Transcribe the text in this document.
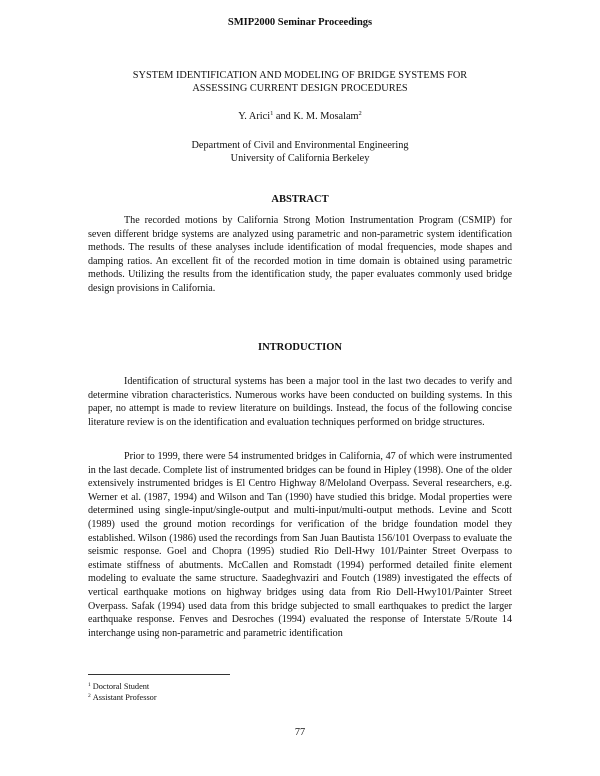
SMIP2000 Seminar Proceedings
SYSTEM IDENTIFICATION AND MODELING OF BRIDGE SYSTEMS FOR
ASSESSING CURRENT DESIGN PROCEDURES
Y. Arici$^1$ and K. M. Mosalam$^2$
Department of Civil and Environmental Engineering
University of California Berkeley
ABSTRACT

The recorded motions by California Strong Motion Instrumentation Program (CSMIP) for seven different bridge systems are analyzed using parametric and non-parametric system identification methods. The results of these analyses include identification of modal frequencies, mode shapes and damping ratios. An excellent fit of the recorded motion in time domain is obtained using parametric methods. Utilizing the results from the identification study, the paper evaluates commonly used bridge design provisions in California.

INTRODUCTION

Identification of structural systems has been a major tool in the last two decades to verify and determine vibration characteristics. Numerous works have been conducted on building systems. In this paper, no attempt is made to review literature on buildings. Instead, the focus of the following concise literature review is on the identification and evaluation techniques performed on bridge structures.

Prior to 1999, there were 54 instrumented bridges in California, 47 of which were instrumented in the last decade. Complete list of instrumented bridges can be found in Hipley (1998). One of the older extensively instrumented bridges is El Centro Highway 8/Meloland Overpass. Several researchers, e.g. Werner et al. (1987, 1994) and Wilson and Tan (1990) have studied this bridge. Modal properties were determined using single-input/single-output and multi-input/multi-output methods. Levine and Scott (1989) used the ground motion recordings for verification of the bridge foundation model they established. Wilson (1986) used the recordings from San Juan Bautista 156/101 Overpass to evaluate the seismic response. Goel and Chopra (1995) studied Rio Dell-Hwy 101/Painter Street Overpass to estimate stiffness of abutments. McCallen and Romstadt (1994) performed detailed finite element modeling to evaluate the same structure. Saadeghvaziri and Foutch (1989) investigated the effects of vertical earthquake motions on highway bridges using data from Rio Dell-Hwy101/Painter Street Overpass. Safak (1994) used data from this bridge subjected to small earthquakes to predict the larger earthquake response. Fenves and Desroches (1994) evaluated the response of Interstate 5/Route 14 interchange using non-parametric and parametric identification

$^1$ Doctoral Student
$^2$ Assistant Professor
77
